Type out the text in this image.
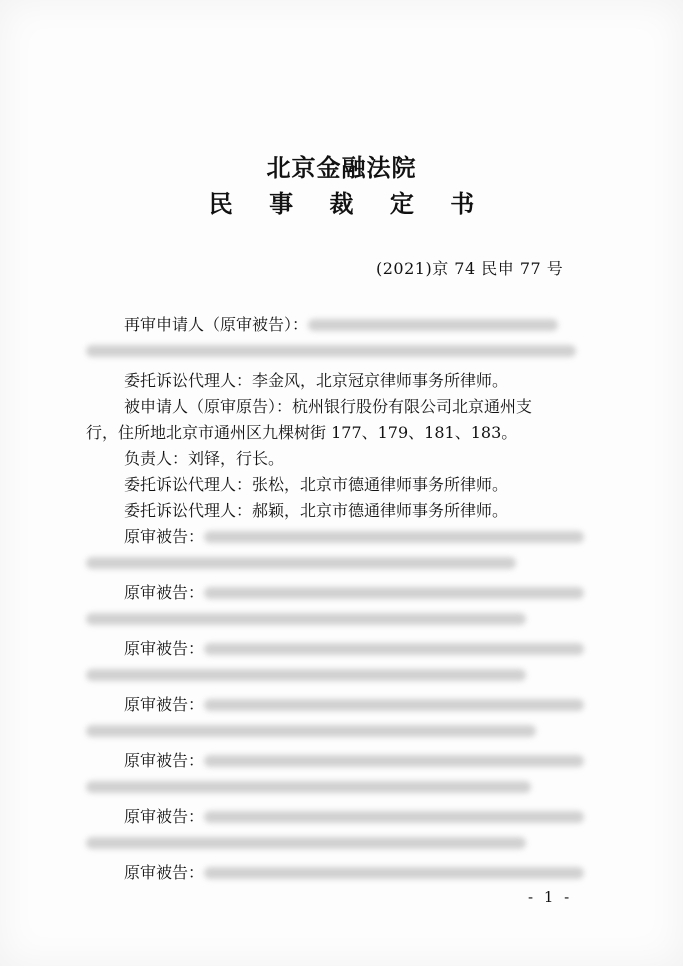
北京金融法院
民 事 裁 定 书
(2021)京 74 民申 77 号
再审申请人（原审被告）：
委托诉讼代理人：李金风，北京冠京律师事务所律师。
被申请人（原审原告）：杭州银行股份有限公司北京通州支
行，住所地北京市通州区九棵树街 177、179、181、183。
负责人：刘铎，行长。
委托诉讼代理人：张松，北京市德通律师事务所律师。
委托诉讼代理人：郝颖，北京市德通律师事务所律师。
原审被告：
原审被告：
原审被告：
原审被告：
原审被告：
原审被告：
原审被告：
- 1 -
